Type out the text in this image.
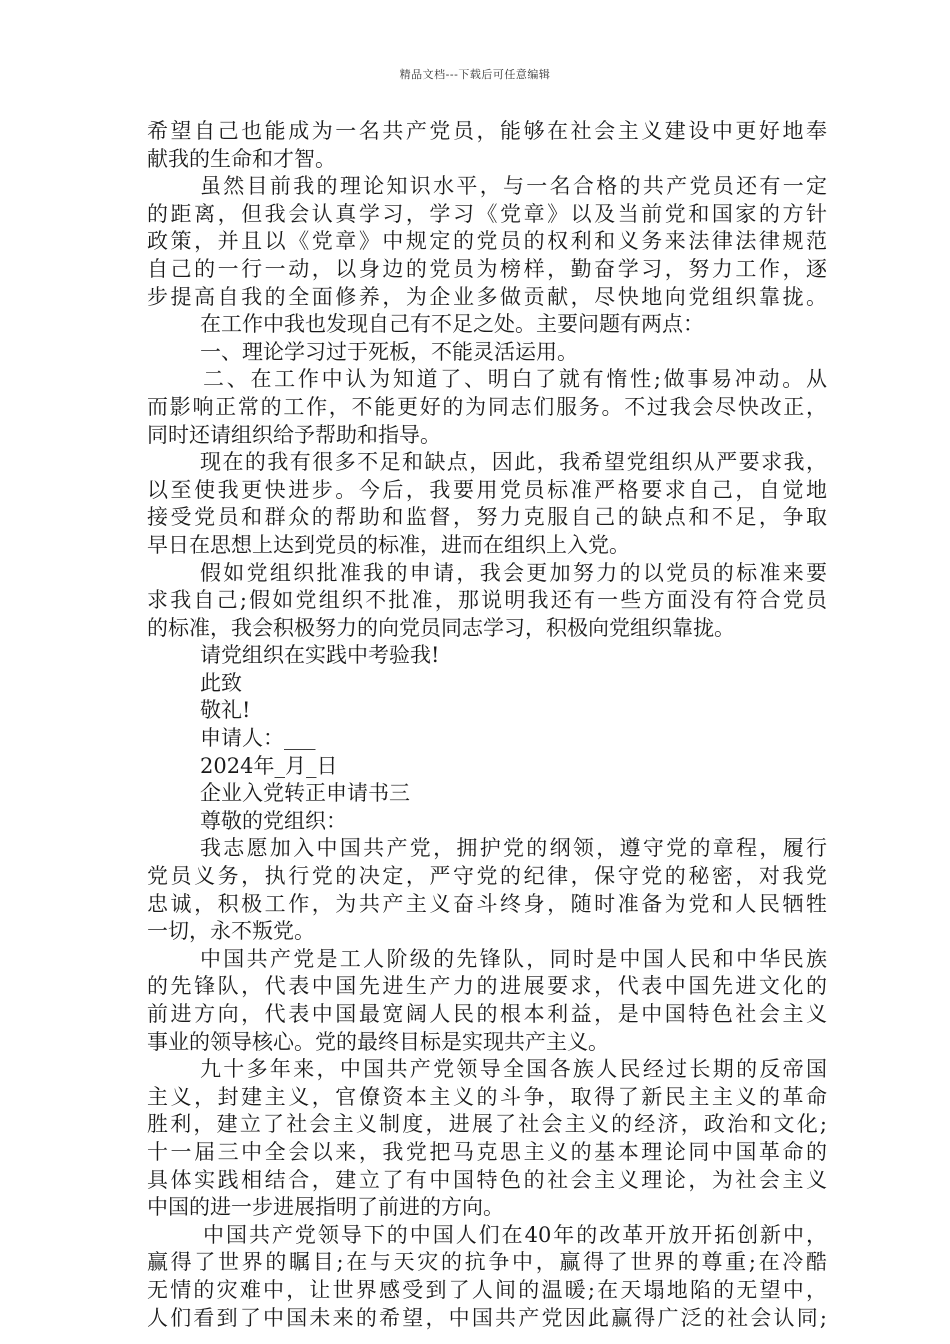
精品文档---下载后可任意编辑
希望自己也能成为一名共产党员，能够在社会主义建设中更好地奉
献我的生命和才智。
虽然目前我的理论知识水平，与一名合格的共产党员还有一定
的距离，但我会认真学习，学习《党章》以及当前党和国家的方针
政策，并且以《党章》中规定的党员的权利和义务来法律法律规范
自己的一行一动，以身边的党员为榜样，勤奋学习，努力工作，逐
步提高自我的全面修养，为企业多做贡献，尽快地向党组织靠拢。
在工作中我也发现自己有不足之处。主要问题有两点：
一、理论学习过于死板，不能灵活运用。
二、在工作中认为知道了、明白了就有惰性;做事易冲动。从
而影响正常的工作，不能更好的为同志们服务。不过我会尽快改正，
同时还请组织给予帮助和指导。
现在的我有很多不足和缺点，因此，我希望党组织从严要求我，
以至使我更快进步。今后，我要用党员标准严格要求自己，自觉地
接受党员和群众的帮助和监督，努力克服自己的缺点和不足，争取
早日在思想上达到党员的标准，进而在组织上入党。
假如党组织批准我的申请，我会更加努力的以党员的标准来要
求我自己;假如党组织不批准，那说明我还有一些方面没有符合党员
的标准，我会积极努力的向党员同志学习，积极向党组织靠拢。
请党组织在实践中考验我!
此致
敬礼!
申请人：___
2024年_月_日
企业入党转正申请书三
尊敬的党组织：
我志愿加入中国共产党，拥护党的纲领，遵守党的章程，履行
党员义务，执行党的决定，严守党的纪律，保守党的秘密，对我党
忠诚，积极工作，为共产主义奋斗终身，随时准备为党和人民牺牲
一切，永不叛党。
中国共产党是工人阶级的先锋队，同时是中国人民和中华民族
的先锋队，代表中国先进生产力的进展要求，代表中国先进文化的
前进方向，代表中国最宽阔人民的根本利益，是中国特色社会主义
事业的领导核心。党的最终目标是实现共产主义。
九十多年来，中国共产党领导全国各族人民经过长期的反帝国
主义，封建主义，官僚资本主义的斗争，取得了新民主主义的革命
胜利，建立了社会主义制度，进展了社会主义的经济，政治和文化;
十一届三中全会以来，我党把马克思主义的基本理论同中国革命的
具体实践相结合，建立了有中国特色的社会主义理论，为社会主义
中国的进一步进展指明了前进的方向。
中国共产党领导下的中国人们在40年的改革开放开拓创新中，
赢得了世界的瞩目;在与天灾的抗争中，赢得了世界的尊重;在冷酷
无情的灾难中，让世界感受到了人间的温暖;在天塌地陷的无望中，
人们看到了中国未来的希望，中国共产党因此赢得广泛的社会认同;
